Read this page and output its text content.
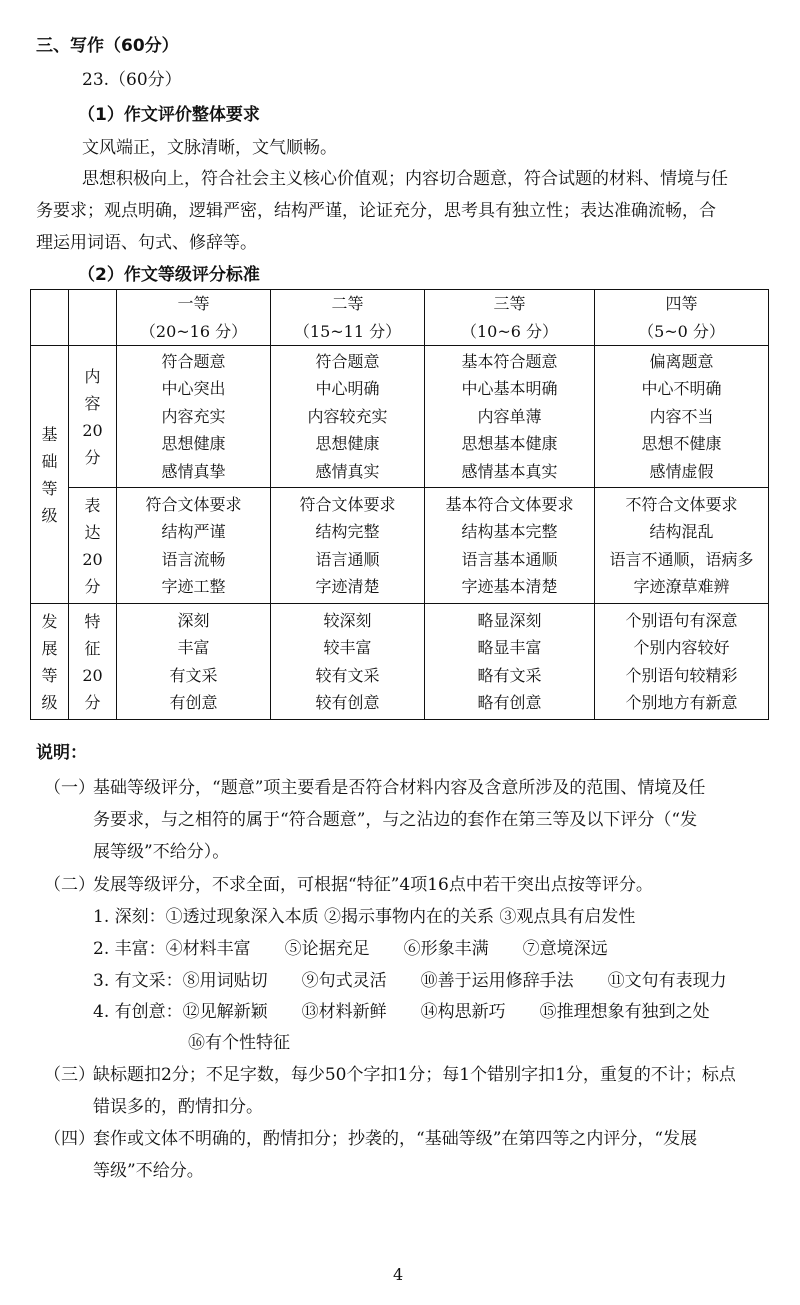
三、写作（60分）
23.（60分）
（1）作文评价整体要求
文风端正，文脉清晰，文气顺畅。
思想积极向上，符合社会主义核心价值观；内容切合题意，符合试题的材料、情境与任
务要求；观点明确，逻辑严密，结构严谨，论证充分，思考具有独立性；表达准确流畅，合
理运用词语、句式、修辞等。
（2）作文等级评分标准

		一等
（20~16 分）	二等
（15~11 分）	三等
（10~6 分）	四等
（5~0 分）

基
础
等
级	内
容
20
分	符合题意
中心突出
内容充实
思想健康
感情真挚	符合题意
中心明确
内容较充实
思想健康
感情真实	基本符合题意
中心基本明确
内容单薄
思想基本健康
感情基本真实	偏离题意
中心不明确
内容不当
思想不健康
感情虚假

	表
达
20
分	符合文体要求
结构严谨
语言流畅
字迹工整	符合文体要求
结构完整
语言通顺
字迹清楚	基本符合文体要求
结构基本完整
语言基本通顺
字迹基本清楚	不符合文体要求
结构混乱
语言不通顺，语病多
字迹潦草难辨

发
展
等
级	特
征
20
分	深刻
丰富
有文采
有创意	较深刻
较丰富
较有文采
较有创意	略显深刻
略显丰富
略有文采
略有创意	个别语句有深意
个别内容较好
个别语句较精彩
个别地方有新意
说明：
（一）
基础等级评分，“题意”项主要看是否符合材料内容及含意所涉及的范围、情境及任
务要求，与之相符的属于“符合题意”，与之沾边的套作在第三等及以下评分（“发
展等级”不给分）。
（二）
发展等级评分，不求全面，可根据“特征”4项16点中若干突出点按等评分。
1. 深刻：①透过现象深入本质 ②揭示事物内在的关系 ③观点具有启发性
2. 丰富：④材料丰富　　⑤论据充足　　⑥形象丰满　　⑦意境深远
3. 有文采：⑧用词贴切　　⑨句式灵活　　⑩善于运用修辞手法　　⑪文句有表现力
4. 有创意：⑫见解新颖　　⑬材料新鲜　　⑭构思新巧　　⑮推理想象有独到之处
⑯有个性特征
（三）
缺标题扣2分；不足字数，每少50个字扣1分；每1个错别字扣1分，重复的不计；标点
错误多的，酌情扣分。
（四）
套作或文体不明确的，酌情扣分；抄袭的，“基础等级”在第四等之内评分，“发展
等级”不给分。
4
